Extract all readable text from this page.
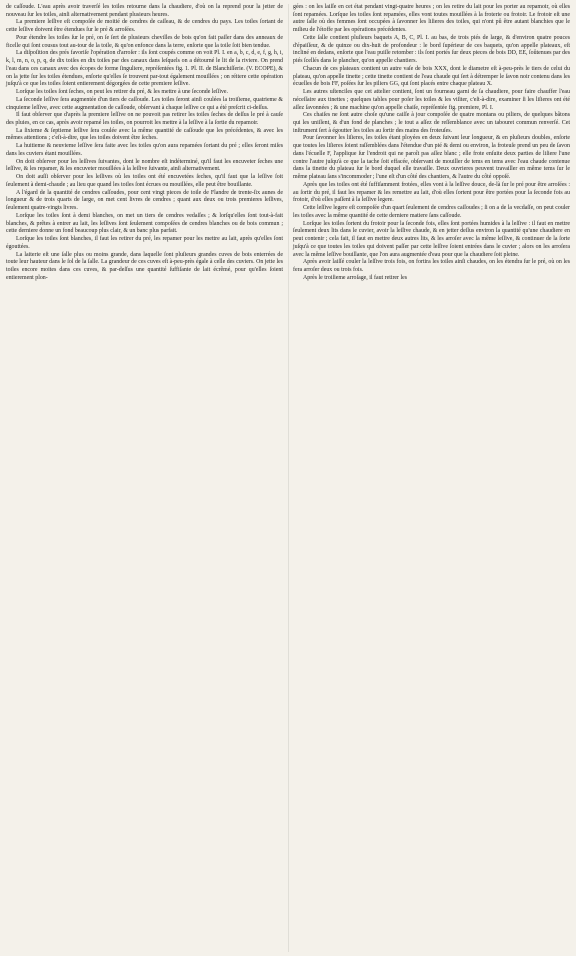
de caſſoude. L'eau après avoir traverſé les toiles retourne dans la chaudiere, d'où on la reprend pour la jetter de nouveau ſur les toiles, ainſi alternativement pendant plusieurs heures.

La premiere leſſive eſt compoſée de moitié de cendres de caſſeau, & de cendres du pays. Les toiles ſortant de cette leſſive doivent être étendues ſur le pré & arroſées.

Pour étendre les toiles ſur le pré, on ſe ſert de plusieurs chevilles de bois qu'on fait paſſer dans des anneaux de ficelle qui ſont cousus tout au-tour de la toile, & qu'on enfonce dans la terre, enſorte que la toile ſoit bien tendue.

La diſpoſition des prés favoriſe l'opération d'arroſer : ils ſont coupés comme on voit Pl. I. en a, b, c, d, e, f, g, h, i, k, l, m, n, o, p, q, de dix toiſes en dix toiſes par des canaux dans leſquels on a détourné le lit de la riviere. On prend l'eau dans ces canaux avec des écopes de forme ſinguliere, repréſentées fig. 1. Pl. II. de Blanchiſſerie. (V. ECOPE), & on la jette ſur les toiles étendues, enſorte qu'elles ſe trouvent par-tout également mouillées ; on réitere cette opération juſqu'à ce que les toiles ſoient entierement dégorgées de cette premiere leſſive.

Lorſque les toiles ſont ſeches, on peut les retirer du pré, & les mettre à une ſeconde leſſive.

La ſeconde leſſive ſera augmentée d'un tiers de caſſoude. Les toiles ſeront ainſi coulées la troiſieme, quatrieme & cinquieme leſſive, avec cette augmentation de caſſoude, obſervant à chaque leſſive ce qui a été preſcrit ci-deſſus.

Il faut obſerver que d'après la premiere leſſive on ne pouvoit pas retirer les toiles ſeches de deſſus le pré à cauſe des pluies, en ce cas, après avoir repamé les toiles, on pourroit les mettre à la leſſive à la ſortie du repamoir.

La ſixieme & ſeptieme leſſive ſera coulée avec la même quantité de caſſoude que les précédentes, & avec les mêmes attentions ; c'eſt-à-dire, que les toiles doivent être ſeches.

La huitieme & neuvieme leſſive ſera faite avec les toiles qu'on aura repamées ſortant du pré ; elles ſeront miſes dans les cuviers étant mouillées.

On doit obſerver pour les leſſives ſuivantes, dont le nombre eſt indéterminé, qu'il faut les encuveter ſeches une leſſive, & les repamer, & les encuveter mouillées à la leſſive ſuivante, ainſi alternativement.

On doit auſſi obſerver pour les leſſives où les toiles ont été encuvetées ſeches, qu'il faut que la leſſive ſoit ſeulement à demi-chaude ; au lieu que quand les toiles ſont écrues ou mouillées, elle peut être bouillante.

A l'égard de la quantité de cendres caſſoudes, pour cent vingt pieces de toile de Flandre de trente-ſix aunes de longueur & de trois quarts de large, on met cent livres de cendres ; quant aux deux ou trois premieres leſſives, ſeulement quatre-vingts livres.

Lorſque les toiles ſont à demi blanches, on met un tiers de cendres vedaſſes ; & lorſqu'elles ſont tout-à-fait blanches, & prêtes à entrer au lait, les leſſives ſont ſeulement compoſées de cendres blanches ou de bois commun ; cette derniere donne un fond beaucoup plus clair, & un banc plus parfait.

Lorſque les toiles ſont blanches, il faut les retirer du pré, les repamer pour les mettre au lait, après qu'elles ſont égouttées.

La laiterie eſt une ſalle plus ou moins grande, dans laquelle ſont pluſieurs grandes cuves de bois enterrées de toute leur hauteur dans le ſol de la ſalle. La grandeur de ces cuves eſt à-peu-près égale à celle des cuviers. On jette les toiles encore moites dans ces cuves, & par-deſſus une quantité ſuffiſante de lait écrêmé, pour qu'elles ſoient entierement plon-

gées : on les laiſſe en cet état pendant vingt-quatre heures ; on les retire du lait pour les porter au repamoir, où elles ſont repamées. Lorſque les toiles ſont repamées, elles vont toutes mouillées à la froterie ou frotoir. Le frotoir eſt une autre ſalle où des femmes ſont occupées à ſavonner les liſieres des toiles, qui n'ont pû être autant blanchies que le milieu de l'étoffe par les opérations précédentes.

Cette ſalle contient pluſieurs baquets A, B, C, Pl. I. au bas, de trois piés de large, & d'environ quatre pouces d'épaiſſeur, & de quinze ou dix-huit de profondeur : le bord ſupérieur de ces baquets, qu'on appelle plateaux, eſt incliné en dedans, enſorte que l'eau puiſſe retomber : ils ſont portés ſur deux pieces de bois DD, EE, ſoûtenues par des piés ſcellés dans le plancher, qu'on appelle chantiers.

Chacun de ces plateaux contient un autre vaſe de bois XXX, dont le diametre eſt à-peu-près le tiers de celui du plateau, qu'on appelle tinette ; cette tinette contient de l'eau chaude qui ſert à détremper le ſavon noir contenu dans les écuelles de bois FF, poſées ſur les piliers GG, qui ſont placés entre chaque plateau X.

Les autres uſtenciles que cet attelier contient, ſont un fourneau garni de ſa chaudiere, pour faire chauffer l'eau néceſſaire aux tinettes ; quelques tables pour poſer les toiles & les viſiter, c'eſt-à-dire, examiner ſi les liſieres ont été aſſez ſavonnées ; & une machine qu'on appelle chaiſe, repréſentée fig. premiere, Pl. I.

Ces chaiſes ne ſont autre choſe qu'une caiſſe à jour compoſée de quatre montans ou piliers, de quelques bâtons qui les uniſſent, & d'un fond de planches ; le tout a aſſez de reſſemblance avec un tabouret commun renverſé. Cet inſtrument ſert à égoutter les toiles au ſortir des mains des froteuſes.

Pour ſavonner les liſieres, les toiles étant ployées en deux ſuivant leur longueur, & en pluſieurs doubles, enſorte que toutes les liſieres ſoient raſſemblées dans l'étendue d'un pié & demi ou environ, la froteuſe prend un peu de ſavon dans l'écuelle F, l'applique ſur l'endroit qui ne paroît pas aſſez blanc ; elle frote enſuite deux parties de liſiere l'une contre l'autre juſqu'à ce que la tache ſoit effacée, obſervant de mouiller de tems en tems avec l'eau chaude contenue dans la tinette du plateau ſur le bord duquel elle travaille. Deux ouvrieres peuvent travailler en même tems ſur le même plateau ſans s'incommoder ; l'une eſt d'un côté des chantiers, & l'autre du côté oppoſé.

Après que les toiles ont été ſuffiſamment frotées, elles vont à la leſſive douce, de-là ſur le pré pour être arroſées : au ſortir du pré, il faut les repamer & les remettre au lait, d'où elles ſortent pour être portées pour la ſeconde fois au frotoir, d'où elles paſſent à la leſſive legere.

Cette leſſive legere eſt compoſée d'un quart ſeulement de cendres caſſoudes ; ſi on a de la vecdaſſe, on peut couler les toiles avec la même quantité de cette derniere matiere ſans caſſoude.

Lorſque les toiles ſortent du frotoir pour la ſeconde fois, elles ſont portées humides à la leſſive : il faut en mettre ſeulement deux lits dans le cuvier, avoir la leſſive chaude, & en jetter deſſus environ la quantité qu'une chaudiere en peut contenir ; cela fait, il faut en mettre deux autres lits, & les arroſer avec la même leſſive, & continuer de la ſorte juſqu'à ce que toutes les toiles qui doivent paſſer par cette leſſive ſoient entrées dans le cuvier ; alors on les arroſera avec la même leſſive bouillante, que l'on aura augmentée d'eau pour que la chaudiere ſoit pleine.

Après avoir laiſſé couler la leſſive trois fois, on fortira les toiles ainſi chaudes, on les étendra ſur le pré, où on les fera arroſer deux ou trois fois.

Après le troiſieme arroſage, il faut retirer les
